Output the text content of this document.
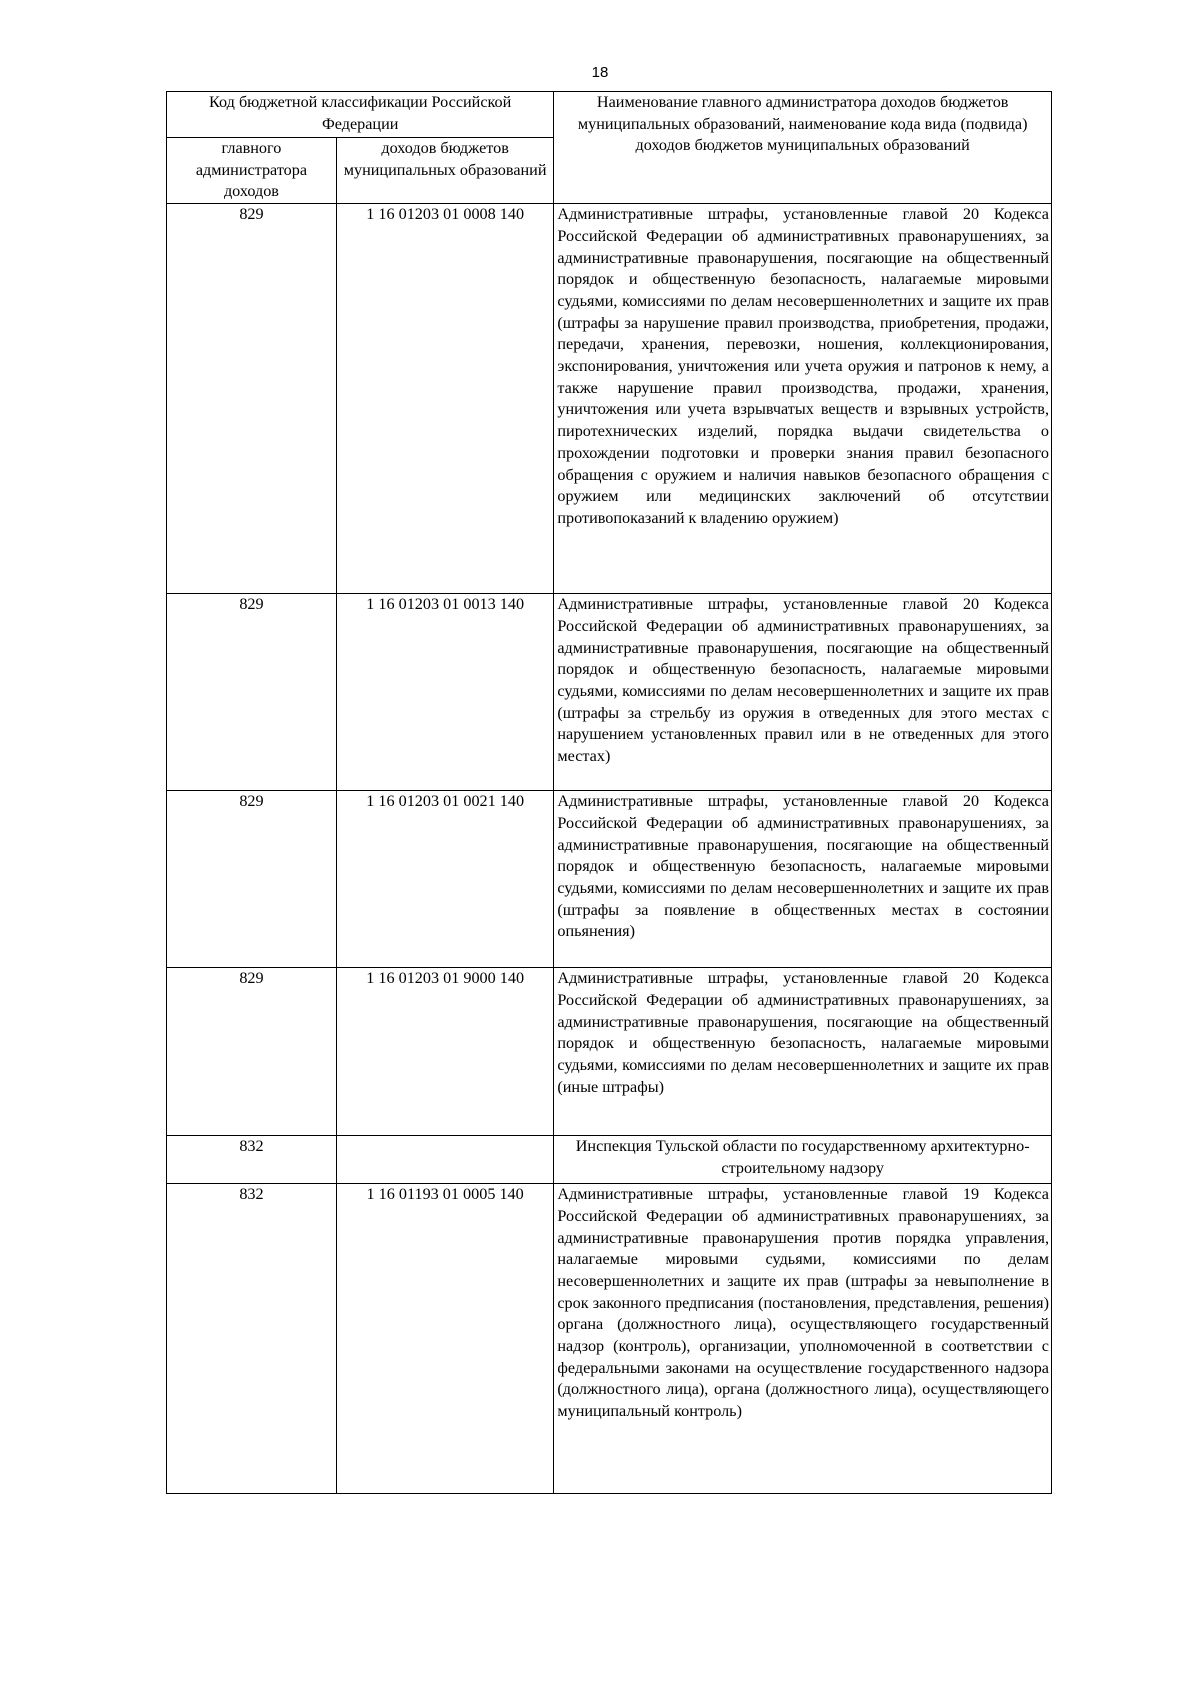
18
Код бюджетной классификации Российской Федерации		Наименование главного администратора доходов бюджетов муниципальных образований, наименование кода вида (подвида) доходов бюджетов муниципальных образований
главного администратора доходов	доходов бюджетов муниципальных образований	
829	1 16 01203 01 0008 140	Административные штрафы, установленные главой 20 Кодекса Российской Федерации об административных правонарушениях, за административные правонарушения, посягающие на общественный порядок и общественную безопасность, налагаемые мировыми судьями, комиссиями по делам несовершеннолетних и защите их прав (штрафы за нарушение правил производства, приобретения, продажи, передачи, хранения, перевозки, ношения, коллекционирования, экспонирования, уничтожения или учета оружия и патронов к нему, а также нарушение правил производства, продажи, хранения, уничтожения или учета взрывчатых веществ и взрывных устройств, пиротехнических изделий, порядка выдачи свидетельства о прохождении подготовки и проверки знания правил безопасного обращения с оружием и наличия навыков безопасного обращения с оружием или медицинских заключений об отсутствии противопоказаний к владению оружием)
829	1 16 01203 01 0013 140	Административные штрафы, установленные главой 20 Кодекса Российской Федерации об административных правонарушениях, за административные правонарушения, посягающие на общественный порядок и общественную безопасность, налагаемые мировыми судьями, комиссиями по делам несовершеннолетних и защите их прав (штрафы за стрельбу из оружия в отведенных для этого местах с нарушением установленных правил или в не отведенных для этого местах)
829	1 16 01203 01 0021 140	Административные штрафы, установленные главой 20 Кодекса Российской Федерации об административных правонарушениях, за административные правонарушения, посягающие на общественный порядок и общественную безопасность, налагаемые мировыми судьями, комиссиями по делам несовершеннолетних и защите их прав (штрафы за появление в общественных местах в состоянии опьянения)
829	1 16 01203 01 9000 140	Административные штрафы, установленные главой 20 Кодекса Российской Федерации об административных правонарушениях, за административные правонарушения, посягающие на общественный порядок и общественную безопасность, налагаемые мировыми судьями, комиссиями по делам несовершеннолетних и защите их прав (иные штрафы)
832		Инспекция Тульской области по государственному архитектурно-строительному надзору
832	1 16 01193 01 0005 140	Административные штрафы, установленные главой 19 Кодекса Российской Федерации об административных правонарушениях, за административные правонарушения против порядка управления, налагаемые мировыми судьями, комиссиями по делам несовершеннолетних и защите их прав (штрафы за невыполнение в срок законного предписания (постановления, представления, решения) органа (должностного лица), осуществляющего государственный надзор (контроль), организации, уполномоченной в соответствии с федеральными законами на осуществление государственного надзора (должностного лица), органа (должностного лица), осуществляющего муниципальный контроль)
